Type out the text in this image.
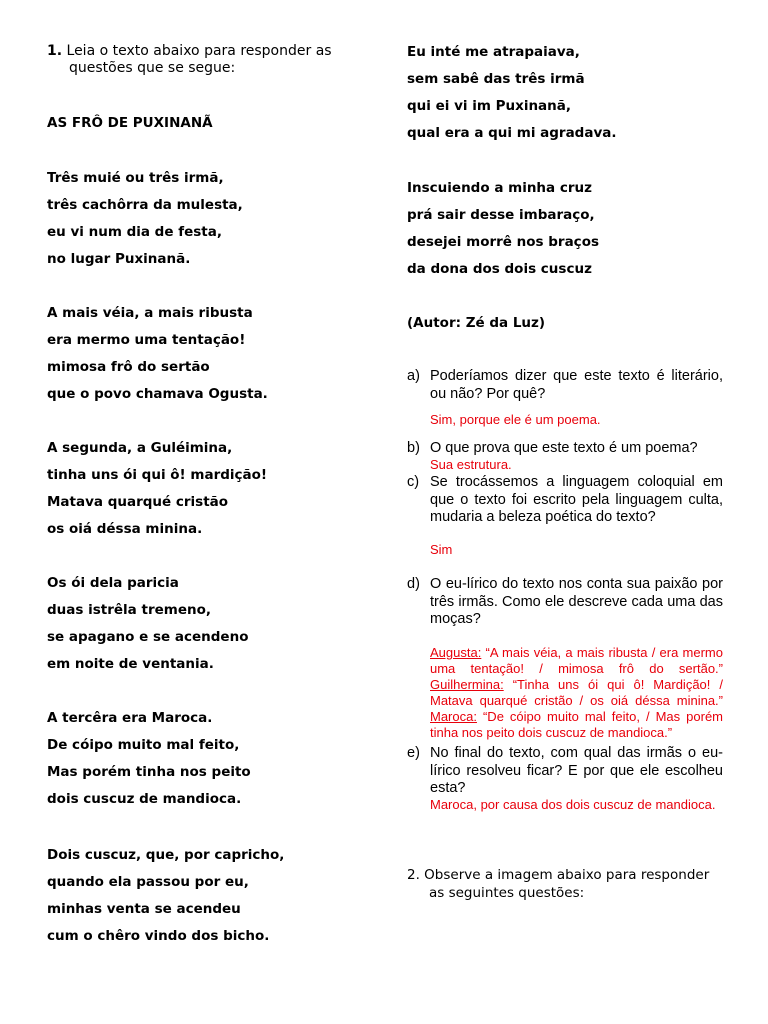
1. Leia o texto abaixo para responder as
questões que se segue:
AS FRÔ DE PUXINANÃ
Três muié ou três irmã,
três cachôrra da mulesta,
eu vi num dia de festa,
no lugar Puxinanã.
A mais véia, a mais ribusta
era mermo uma tentação!
mimosa frô do sertão
que o povo chamava Ogusta.
A segunda, a Guléimina,
tinha uns ói qui ô! mardição!
Matava quarqué cristão
os oiá déssa minina.
Os ói dela paricia
duas istrêla tremeno,
se apagano e se acendeno
em noite de ventania.
A tercêra era Maroca.
De cóipo muito mal feito,
Mas porém tinha nos peito
dois cuscuz de mandioca.
Dois cuscuz, que, por capricho,
quando ela passou por eu,
minhas venta se acendeu
cum o chêro vindo dos bicho.
Eu inté me atrapaiava,
sem sabê das três irmã
qui ei vi im Puxinanã,
qual era a qui mi agradava.
Inscuiendo a minha cruz
prá sair desse imbaraço,
desejei morrê nos braços
da dona dos dois cuscuz
(Autor: Zé da Luz)
a) Poderíamos dizer que este texto é literário, ou não? Por quê?
Sim, porque ele é um poema.
b) O que prova que este texto é um poema?
Sua estrutura.
c) Se trocássemos a linguagem coloquial em que o texto foi escrito pela linguagem culta, mudaria a beleza poética do texto?
Sim
d) O eu-lírico do texto nos conta sua paixão por três irmãs. Como ele descreve cada uma das moças?
Augusta: “A mais véia, a mais ribusta / era mermo uma tentação! / mimosa frô do sertão.” Guilhermina: “Tinha uns ói qui ô! Mardição! / Matava quarqué cristão / os oiá déssa minina.” Maroca: “De cóipo muito mal feito, / Mas porém tinha nos peito dois cuscuz de mandioca.”
e) No final do texto, com qual das irmãs o eu-lírico resolveu ficar? E por que ele escolheu esta?
Maroca, por causa dos dois cuscuz de mandioca.
2. Observe a imagem abaixo para responder
as seguintes questões:
